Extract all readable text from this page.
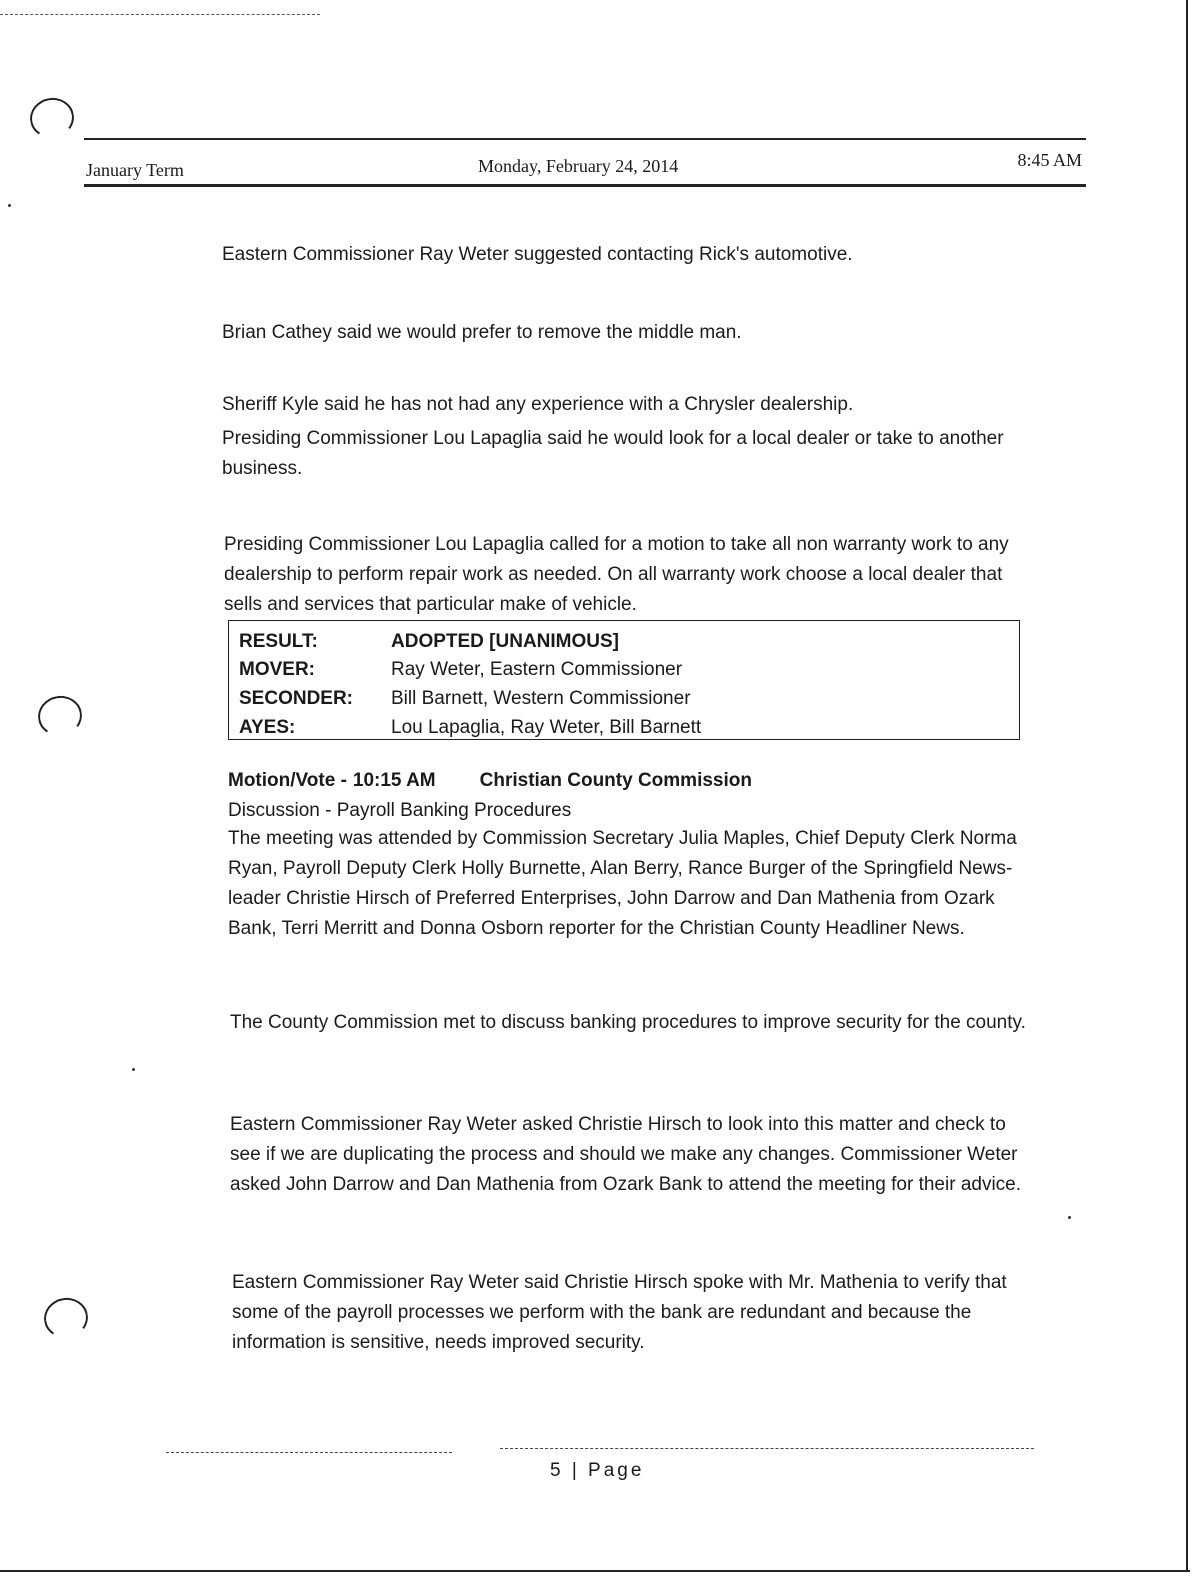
January Term	Monday, February 24, 2014	8:45 AM
Eastern Commissioner Ray Weter suggested contacting Rick's automotive.
Brian Cathey said we would prefer to remove the middle man.
Sheriff Kyle said he has not had any experience with a Chrysler dealership.
Presiding Commissioner Lou Lapaglia said he would look for a local dealer or take to another business.
Presiding Commissioner Lou Lapaglia called for a motion to take all non warranty work to any dealership to perform repair work as needed. On all warranty work choose a local dealer that sells and services that particular make of vehicle.
RESULT:	ADOPTED [UNANIMOUS]
MOVER:	Ray Weter, Eastern Commissioner
SECONDER: Bill Barnett, Western Commissioner
AYES:	Lou Lapaglia, Ray Weter, Bill Barnett
Motion/Vote - 10:15 AM Christian County Commission
Discussion - Payroll Banking Procedures
The meeting was attended by Commission Secretary Julia Maples, Chief Deputy Clerk Norma Ryan, Payroll Deputy Clerk Holly Burnette, Alan Berry, Rance Burger of the Springfield News-leader Christie Hirsch of Preferred Enterprises, John Darrow and Dan Mathenia from Ozark Bank, Terri Merritt and Donna Osborn reporter for the Christian County Headliner News.
The County Commission met to discuss banking procedures to improve security for the county.
Eastern Commissioner Ray Weter asked Christie Hirsch to look into this matter and check to see if we are duplicating the process and should we make any changes. Commissioner Weter asked John Darrow and Dan Mathenia from Ozark Bank to attend the meeting for their advice.
Eastern Commissioner Ray Weter said Christie Hirsch spoke with Mr. Mathenia to verify that some of the payroll processes we perform with the bank are redundant and because the information is sensitive, needs improved security.
5 | Page
